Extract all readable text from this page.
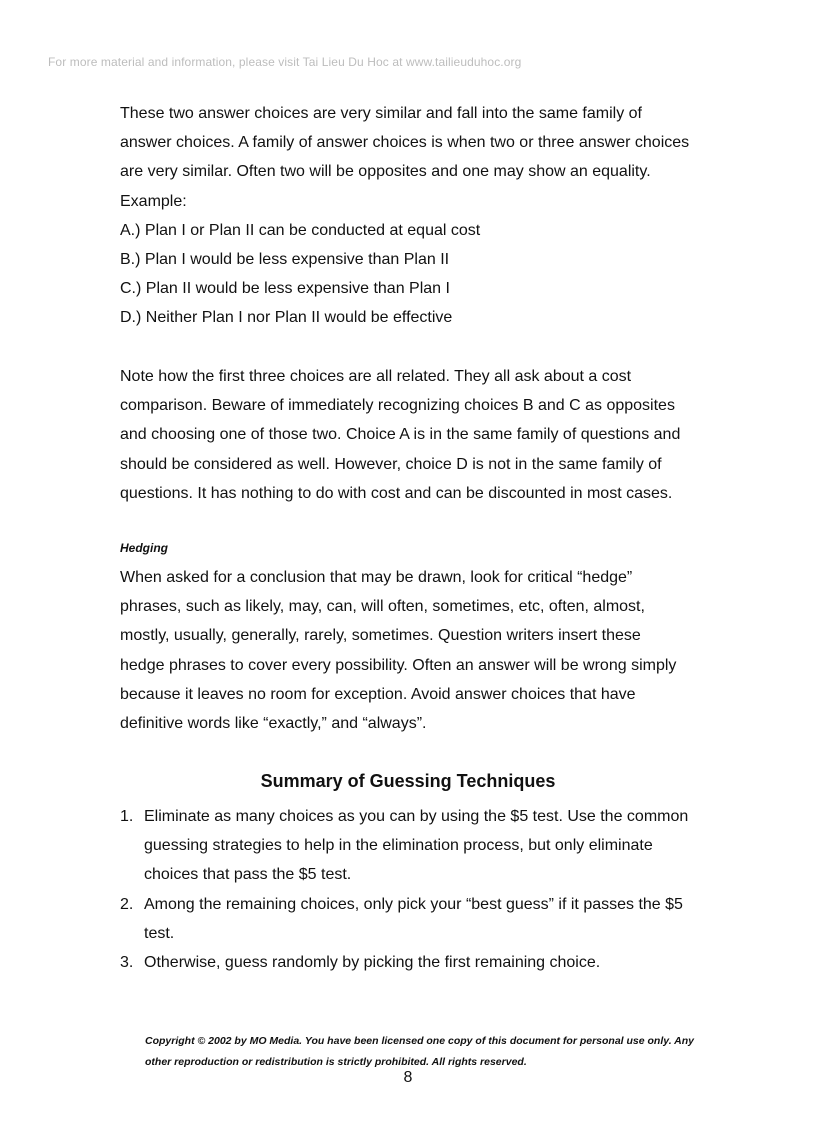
For more material and information, please visit Tai Lieu Du Hoc at www.tailieuduhoc.org

These two answer choices are very similar and fall into the same family of

answer choices. A family of answer choices is when two or three answer choices

are very similar. Often two will be opposites and one may show an equality.

Example:

A.) Plan I or Plan II can be conducted at equal cost

B.) Plan I would be less expensive than Plan II

C.) Plan II would be less expensive than Plan I

D.) Neither Plan I nor Plan II would be effective

Note how the first three choices are all related. They all ask about a cost

comparison. Beware of immediately recognizing choices B and C as opposites

and choosing one of those two. Choice A is in the same family of questions and

should be considered as well. However, choice D is not in the same family of

questions. It has nothing to do with cost and can be discounted in most cases.

Hedging

When asked for a conclusion that may be drawn, look for critical “hedge”

phrases, such as likely, may, can, will often, sometimes, etc, often, almost,

mostly, usually, generally, rarely, sometimes. Question writers insert these

hedge phrases to cover every possibility. Often an answer will be wrong simply

because it leaves no room for exception. Avoid answer choices that have

definitive words like “exactly,” and “always”.

Summary of Guessing Techniques
1. Eliminate as many choices as you can by using the $5 test. Use the common
guessing strategies to help in the elimination process, but only eliminate
choices that pass the $5 test.
2. Among the remaining choices, only pick your “best guess” if it passes the $5
test.
3. Otherwise, guess randomly by picking the first remaining choice.

Copyright © 2002 by MO Media. You have been licensed one copy of this document for personal use only. Any
other reproduction or redistribution is strictly prohibited. All rights reserved.

8
